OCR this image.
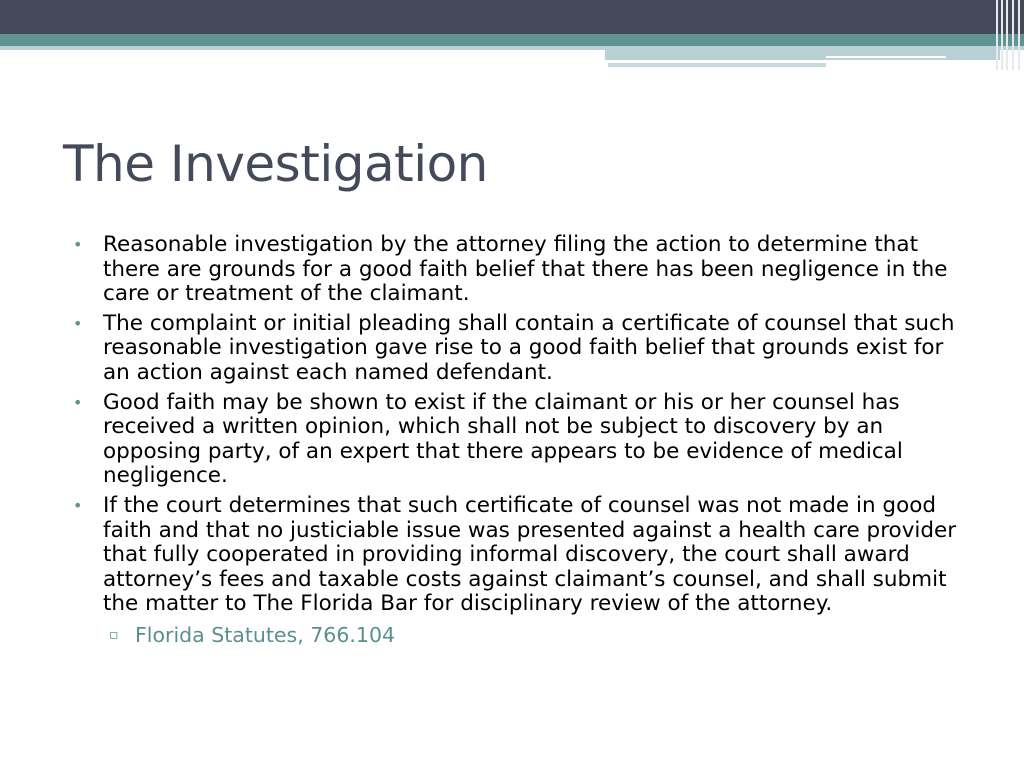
The Investigation
• Reasonable investigation by the attorney filing the action to determine that there are grounds for a good faith belief that there has been negligence in the care or treatment of the claimant.
• The complaint or initial pleading shall contain a certificate of counsel that such reasonable investigation gave rise to a good faith belief that grounds exist for an action against each named defendant.
• Good faith may be shown to exist if the claimant or his or her counsel has received a written opinion, which shall not be subject to discovery by an opposing party, of an expert that there appears to be evidence of medical negligence.
• If the court determines that such certificate of counsel was not made in good faith and that no justiciable issue was presented against a health care provider that fully cooperated in providing informal discovery, the court shall award attorney’s fees and taxable costs against claimant’s counsel, and shall submit the matter to The Florida Bar for disciplinary review of the attorney.
▫ Florida Statutes, 766.104
